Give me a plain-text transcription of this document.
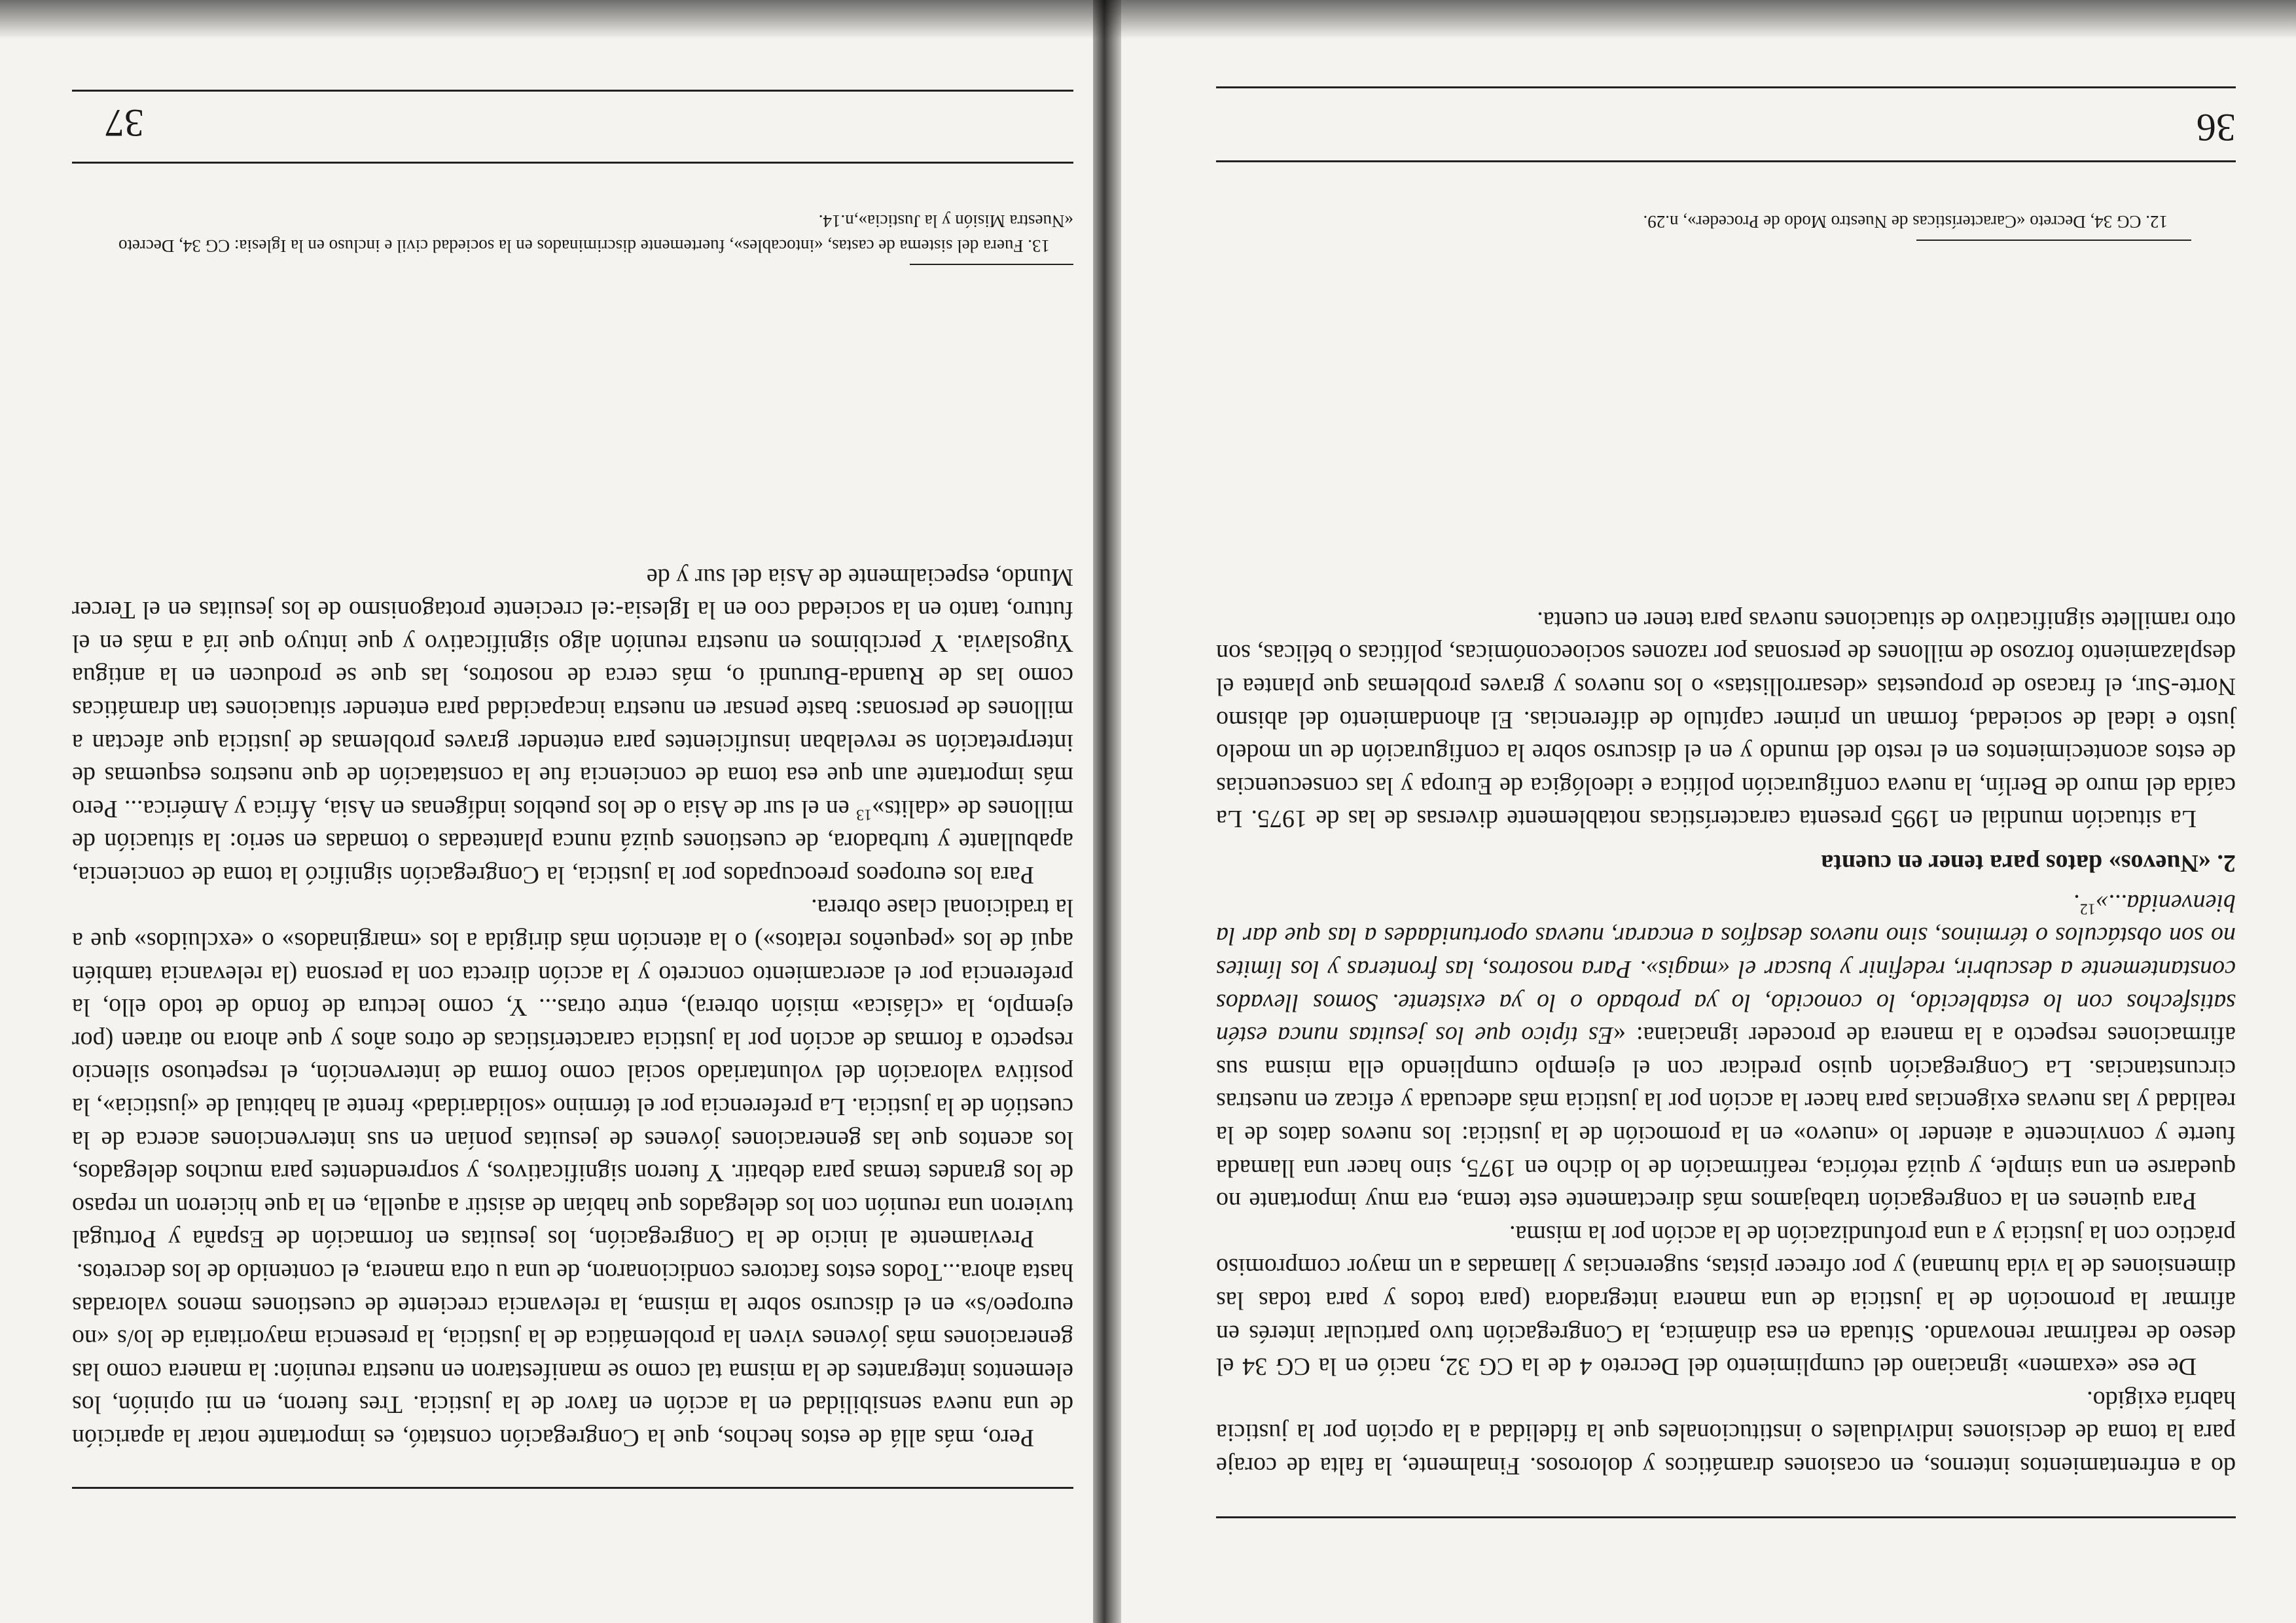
do a enfrentamientos internos, en ocasiones dramáticos y dolorosos. Finalmente, la falta de coraje para la toma de decisiones individuales o institucionales que la fidelidad a la opción por la justicia habría exigido.

De ese «examen» ignaciano del cumplimiento del Decreto 4 de la CG 32, nació en la CG 34 el deseo de reafirmar renovando. Situada en esa dinámica, la Congregación tuvo particular interés en afirmar la promoción de la justicia de una manera integradora (para todos y para todas las dimensiones de la vida humana) y por ofrecer pistas, sugerencias y llamadas a un mayor compromiso práctico con la justicia y a una profundización de la acción por la misma.

Para quienes en la congregación trabajamos más directamente este tema, era muy importante no quedarse en una simple, y quizá retórica, reafirmación de lo dicho en 1975, sino hacer una llamada fuerte y convincente a atender lo «nuevo» en la promoción de la justicia: los nuevos datos de la realidad y las nuevas exigencias para hacer la acción por la justicia más adecuada y eficaz en nuestras circunstancias. La Congregación quiso predicar con el ejemplo cumpliendo ella misma sus afirmaciones respecto a la manera de proceder ignaciana: «Es típico que los jesuitas nunca estén satisfechos con lo establecido, lo conocido, lo ya probado o lo ya existente. Somos llevados constantemente a descubrir, redefinir y buscar el «magis». Para nosotros, las fronteras y los límites no son obstáculos o términos, sino nuevos desafíos a encarar, nuevas oportunidades a las que dar la bienvenida...»$^{12}$.

2. «Nuevos» datos para tener en cuenta

La situación mundial en 1995 presenta características notablemente diversas de las de 1975. La caída del muro de Berlín, la nueva configuración política e ideológica de Europa y las consecuencias de estos acontecimientos en el resto del mundo y en el discurso sobre la configuración de un modelo justo e ideal de sociedad, forman un primer capítulo de diferencias. El ahondamiento del abismo Norte-Sur, el fracaso de propuestas «desarrollistas» o los nuevos y graves problemas que planteа el desplazamiento forzoso de millones de personas por razones socioeconómicas, políticas o bélicas, son otro ramillete significativo de situaciones nuevas para tener en cuenta.

12. CG 34, Decreto «Características de Nuestro Modo de Proceder», n.29.

36

Pero, más allá de estos hechos, que la Congregación constató, es importante notar la aparición de una nueva sensibilidad en la acción en favor de la justicia. Tres fueron, en mi opinión, los elementos integrantes de la misma tal como se manifestaron en nuestra reunión: la manera como las generaciones más jóvenes viven la problemática de la justicia, la presencia mayoritaria de lo/s «no europeo/s» en el discurso sobre la misma, la relevancia creciente de cuestiones menos valoradas hasta ahora...Todos estos factores condicionaron, de una u otra manera, el contenido de los decretos.

Previamente al inicio de la Congregación, los jesuitas en formación de España y Portugal tuvieron una reunión con los delegados que habían de asistir a aquella, en la que hicieron un repaso de los grandes temas para debatir. Y fueron significativos, y sorprendentes para muchos delegados, los acentos que las generaciones jóvenes de jesuitas ponían en sus intervenciones acerca de la cuestión de la justicia. La preferencia por el término «solidaridad» frente al habitual de «justicia», la positiva valoración del voluntariado social como forma de intervención, el respetuoso silencio respecto a formas de acción por la justicia características de otros años y que ahora no atraen (por ejemplo, la «clásica» misión obrera), entre otras... Y, como lectura de fondo de todo ello, la preferencia por el acercamiento concreto y la acción directa con la persona (la relevancia también aquí de los «pequeños relatos») o la atención más dirigida a los «marginados» o «excluidos» que a la tradicional clase obrera.

Para los europeos preocupados por la justicia, la Congregación significó la toma de conciencia, apabullante y turbadora, de cuestiones quizá nunca planteadas o tomadas en serio: la situación de millones de «dalits»$^{13}$ en el sur de Asia o de los pueblos indígenas en Asia, África y América... Pero más importante aun que esa toma de conciencia fue la constatación de que nuestros esquemas de interpretación se revelaban insuficientes para entender graves problemas de justicia que afectan a millones de personas: baste pensar en nuestra incapacidad para entender situaciones tan dramáticas como las de Ruanda-Burundi o, más cerca de nosotros, las que se producen en la antigua Yugoslavia. Y percibimos en nuestra reunión algo significativo y que intuyo que irá a más en el futuro, tanto en la sociedad coo en la Iglesia-:el creciente protagonismo de los jesuitas en el Tercer Mundo, especialmente de Asia del sur y de

13. Fuera del sistema de castas, «intocables», fuertemente discriminados en la sociedad civil e incluso en la Iglesia: CG 34, Decreto «Nuestra Misión y la Justicia»,n.14.

37
